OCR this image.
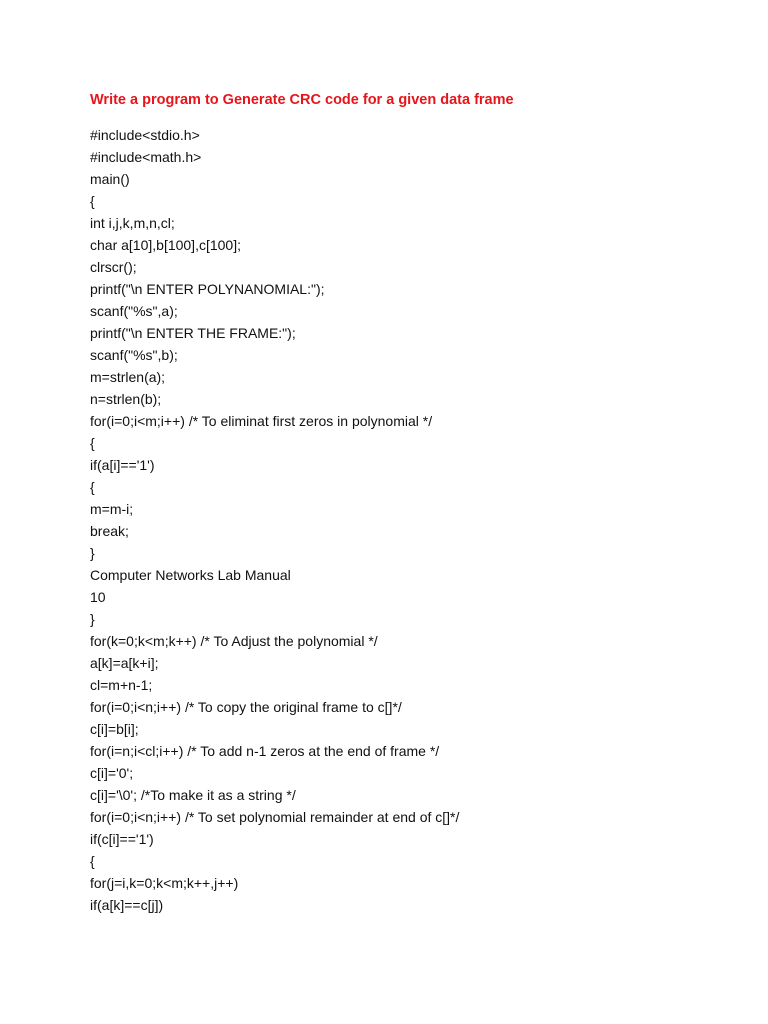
Write a program to Generate CRC code for a given data frame
#include<stdio.h>
#include<math.h>
main()
{
int i,j,k,m,n,cl;
char a[10],b[100],c[100];
clrscr();
printf("\n ENTER POLYNANOMIAL:");
scanf("%s",a);
printf("\n ENTER THE FRAME:");
scanf("%s",b);
m=strlen(a);
n=strlen(b);
for(i=0;i<m;i++) /* To eliminat first zeros in polynomial */
{
if(a[i]=='1')
{
m=m-i;
break;
}
Computer Networks Lab Manual
10
}
for(k=0;k<m;k++) /* To Adjust the polynomial */
a[k]=a[k+i];
cl=m+n-1;
for(i=0;i<n;i++) /* To copy the original frame to c[]*/
c[i]=b[i];
for(i=n;i<cl;i++) /* To add n-1 zeros at the end of frame */
c[i]='0';
c[i]='\0'; /*To make it as a string */
for(i=0;i<n;i++) /* To set polynomial remainder at end of c[]*/
if(c[i]=='1')
{
for(j=i,k=0;k<m;k++,j++)
if(a[k]==c[j])
